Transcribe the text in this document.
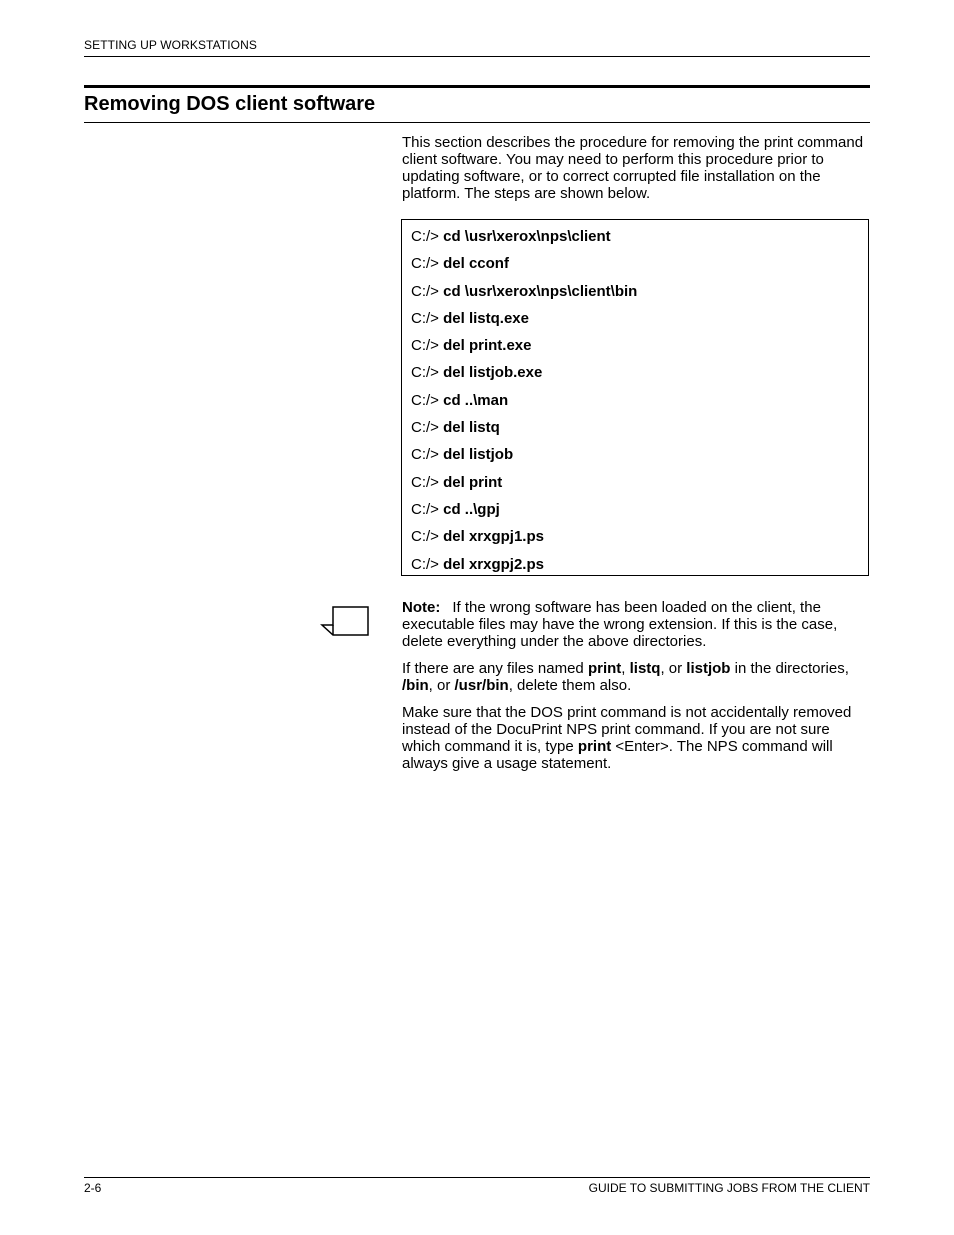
SETTING UP WORKSTATIONS
Removing DOS client software

This section describes the procedure for removing the print command client software. You may need to perform this procedure prior to updating software, or to correct corrupted file installation on the platform. The steps are shown below.

C:/> cd \usr\xerox\nps\client
C:/> del cconf
C:/> cd \usr\xerox\nps\client\bin
C:/> del listq.exe
C:/> del print.exe
C:/> del listjob.exe
C:/> cd ..\man
C:/> del listq
C:/> del listjob
C:/> del print
C:/> cd ..\gpj
C:/> del xrxgpj1.ps
C:/> del xrxgpj2.ps

Note: If the wrong software has been loaded on the client, the executable files may have the wrong extension. If this is the case, delete everything under the above directories.

If there are any files named print, listq, or listjob in the directories, /bin, or /usr/bin, delete them also.

Make sure that the DOS print command is not accidentally removed instead of the DocuPrint NPS print command. If you are not sure which command it is, type print <Enter>. The NPS command will always give a usage statement.

2-6	GUIDE TO SUBMITTING JOBS FROM THE CLIENT
